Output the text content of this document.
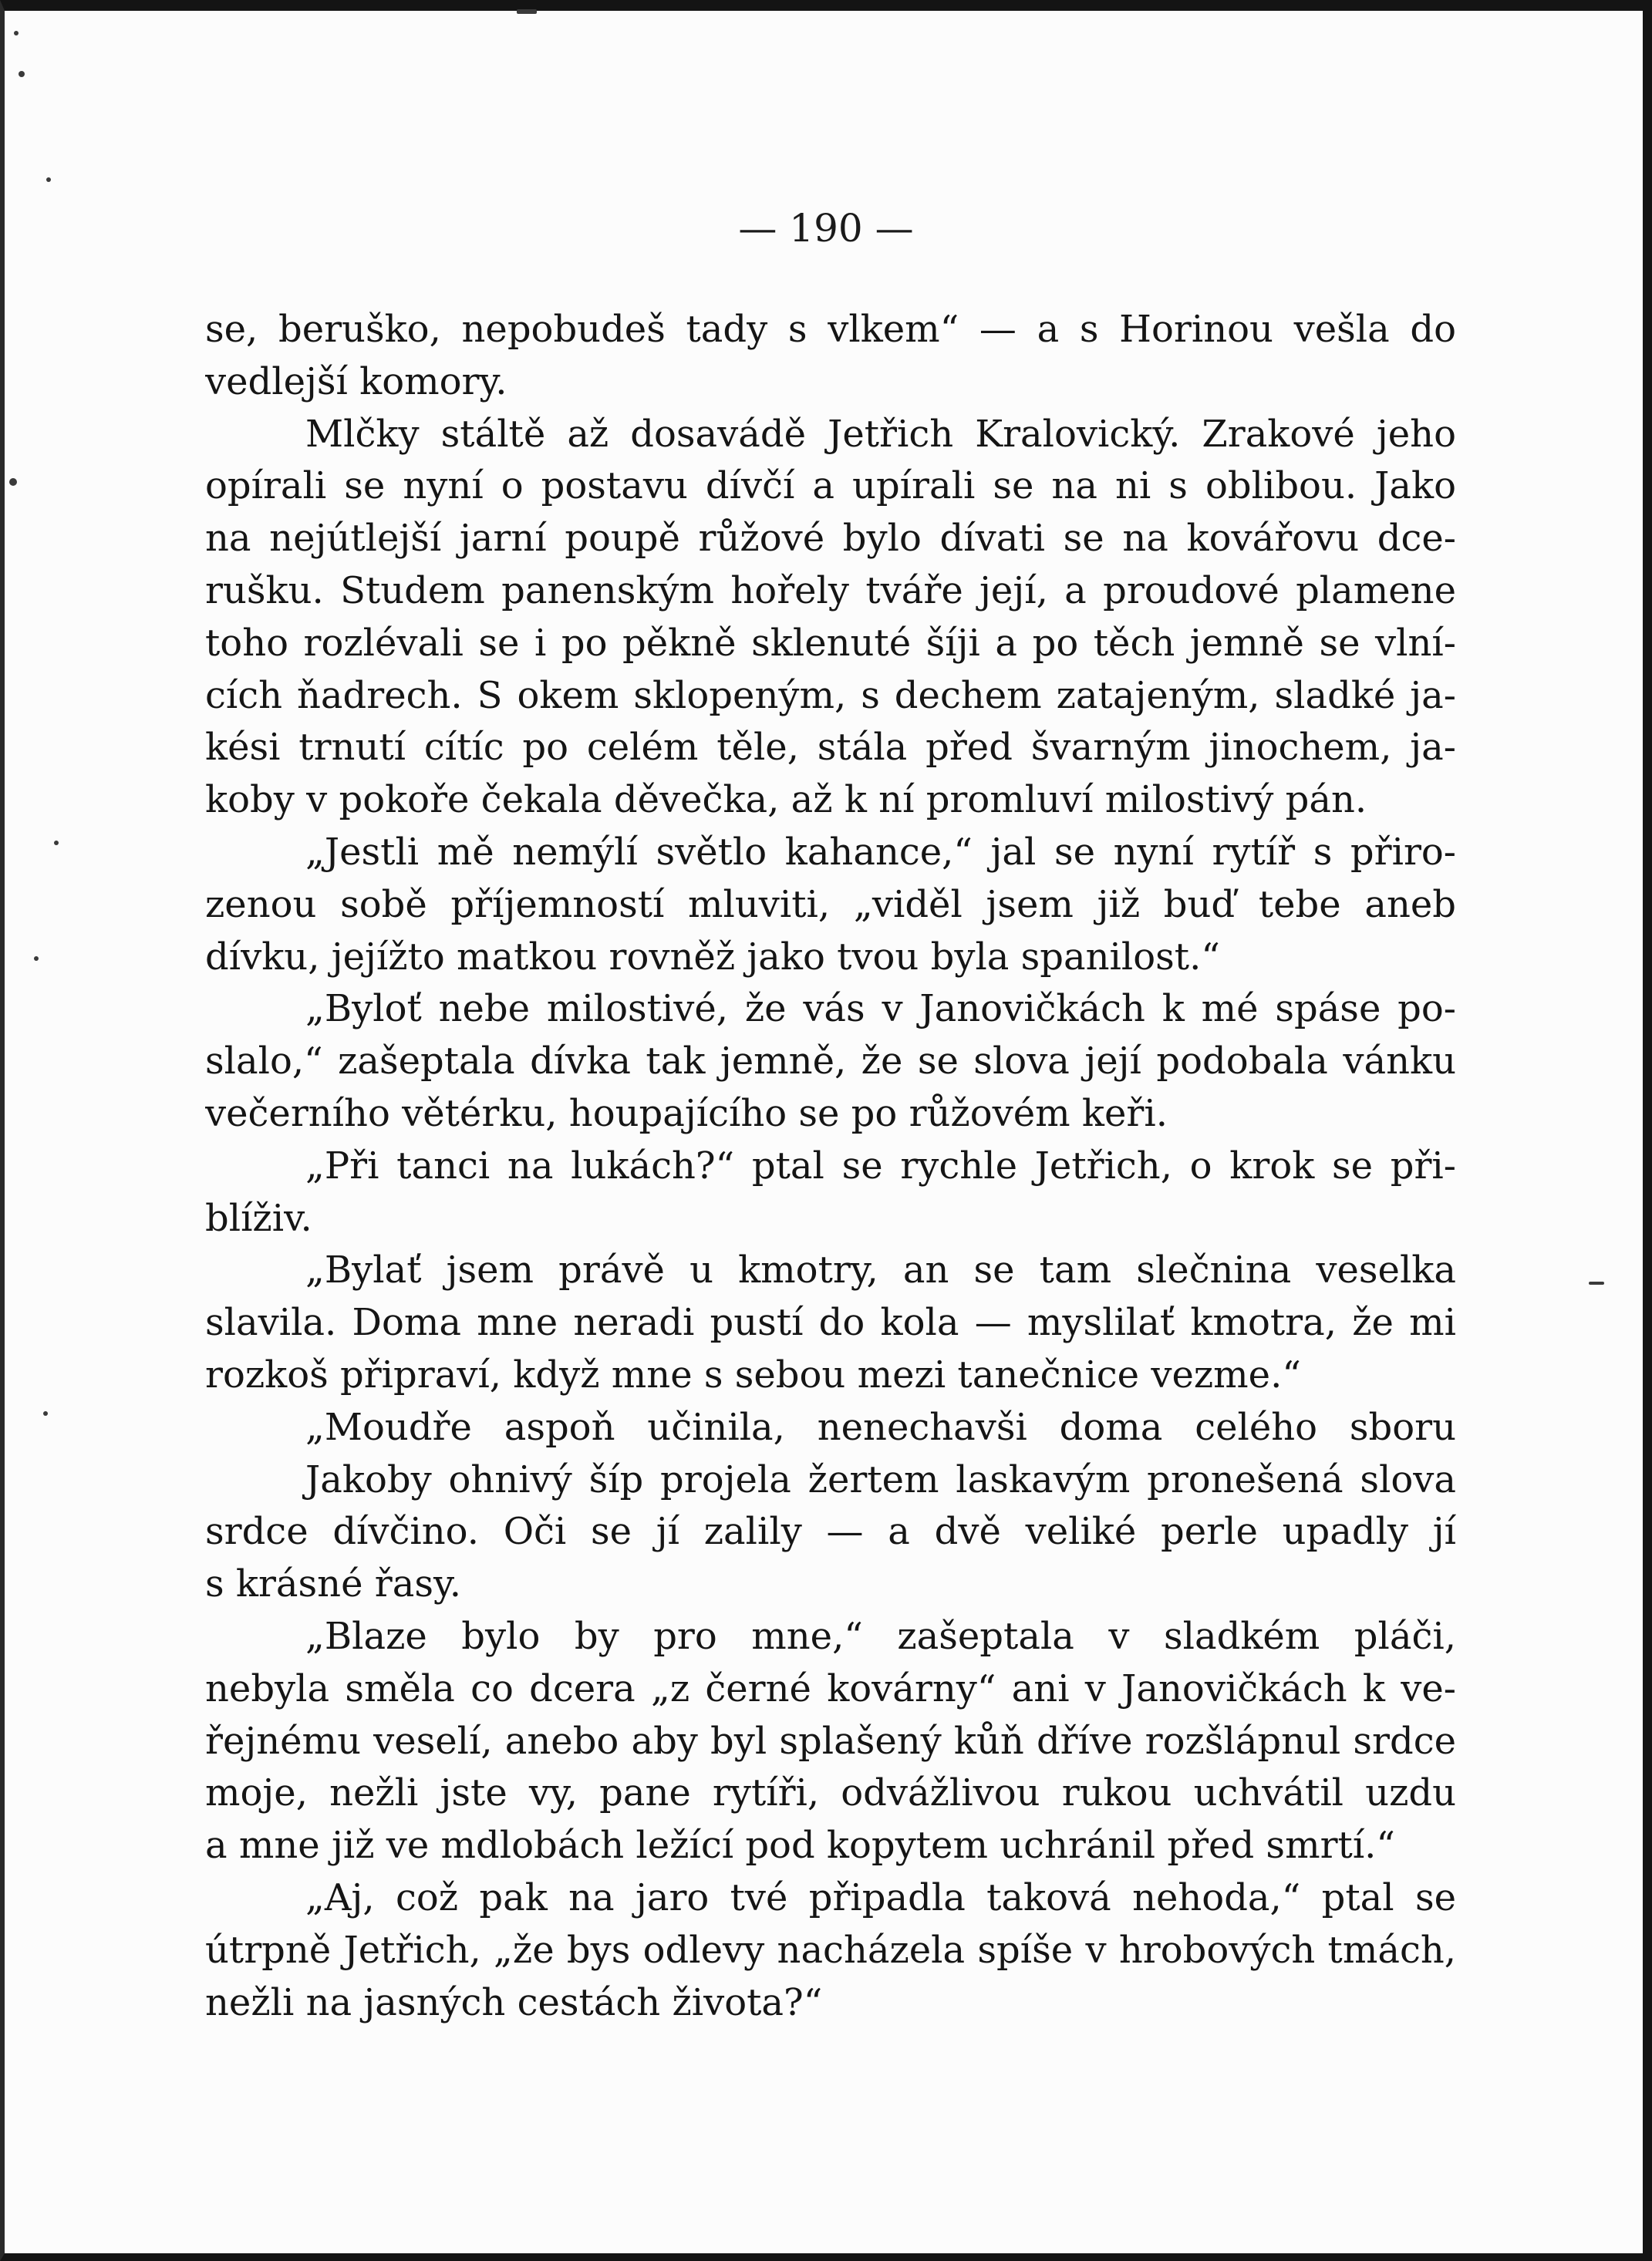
— 190 —

se, beruško, nepobudeš tady s vlkem“ — a s Horinou vešla do
vedlejší komory.
Mlčky stáltě až dosavádě Jetřich Kralovický. Zrakové jeho
opírali se nyní o postavu dívčí a upírali se na ni s oblibou. Jako
na nejútlejší jarní poupě růžové bylo dívati se na kovářovu dce-
rušku. Studem panenským hořely tváře její, a proudové plamene
toho rozlévali se i po pěkně sklenuté šíji a po těch jemně se vlní-
cích ňadrech. S okem sklopeným, s dechem zatajeným, sladké ja-
kési trnutí cítíc po celém těle, stála před švarným jinochem, ja-
koby v pokoře čekala děvečka, až k ní promluví milostivý pán.
„Jestli mě nemýlí světlo kahance,“ jal se nyní rytíř s přiro-
zenou sobě příjemností mluviti, „viděl jsem již buď tebe aneb
dívku, jejížto matkou rovněž jako tvou byla spanilost.“
„Byloť nebe milostivé, že vás v Janovičkách k mé spáse po-
slalo,“ zašeptala dívka tak jemně, že se slova její podobala vánku
večerního větérku, houpajícího se po růžovém keři.
„Při tanci na lukách?“ ptal se rychle Jetřich, o krok se při-
blíživ.
„Bylať jsem právě u kmotry, an se tam slečnina veselka
slavila. Doma mne neradi pustí do kola — myslilať kmotra, že mi
rozkoš připraví, když mne s sebou mezi tanečnice vezme.“
„Moudře aspoň učinila, nenechavši doma celého sboru
Jakoby ohnivý šíp projela žertem laskavým pronešená slova
srdce dívčino. Oči se jí zalily — a dvě veliké perle upadly jí
s krásné řasy.
„Blaze bylo by pro mne,“ zašeptala v sladkém pláči,
nebyla směla co dcera „z černé kovárny“ ani v Janovičkách k ve-
řejnému veselí, anebo aby byl splašený kůň dříve rozšlápnul srdce
moje, nežli jste vy, pane rytíři, odvážlivou rukou uchvátil uzdu
a mne již ve mdlobách ležící pod kopytem uchránil před smrtí.“
„Aj, což pak na jaro tvé připadla taková nehoda,“ ptal se
útrpně Jetřich, „že bys odlevy nacházela spíše v hrobových tmách,
nežli na jasných cestách života?“
